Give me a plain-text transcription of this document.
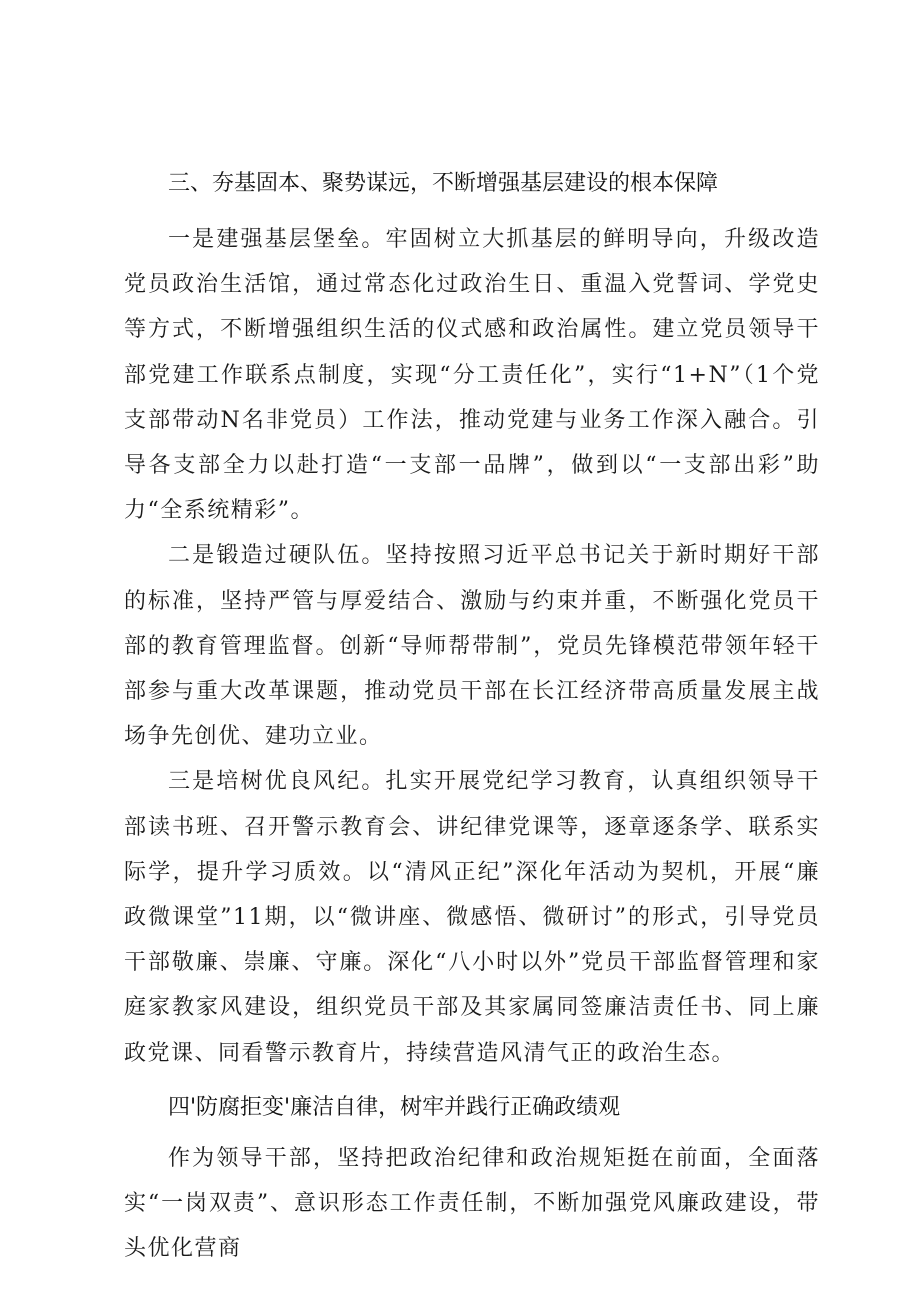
三、夯基固本、聚势谋远，不断增强基层建设的根本保障

一是建强基层堡垒。牢固树立大抓基层的鲜明导向，升级改造党员政治生活馆，通过常态化过政治生日、重温入党誓词、学党史等方式，不断增强组织生活的仪式感和政治属性。建立党员领导干部党建工作联系点制度，实现“分工责任化”，实行“1+N”（1个党支部带动N名非党员）工作法，推动党建与业务工作深入融合。引导各支部全力以赴打造“一支部一品牌”，做到以“一支部出彩”助力“全系统精彩”。

二是锻造过硬队伍。坚持按照习近平总书记关于新时期好干部的标准，坚持严管与厚爱结合、激励与约束并重，不断强化党员干部的教育管理监督。创新“导师帮带制”，党员先锋模范带领年轻干部参与重大改革课题，推动党员干部在长江经济带高质量发展主战场争先创优、建功立业。

三是培树优良风纪。扎实开展党纪学习教育，认真组织领导干部读书班、召开警示教育会、讲纪律党课等，逐章逐条学、联系实际学，提升学习质效。以“清风正纪”深化年活动为契机，开展“廉政微课堂”11期，以“微讲座、微感悟、微研讨”的形式，引导党员干部敬廉、崇廉、守廉。深化“八小时以外”党员干部监督管理和家庭家教家风建设，组织党员干部及其家属同签廉洁责任书、同上廉政党课、同看警示教育片，持续营造风清气正的政治生态。

四'防腐拒变'廉洁自律，树牢并践行正确政绩观

作为领导干部，坚持把政治纪律和政治规矩挺在前面，全面落实“一岗双责”、意识形态工作责任制，不断加强党风廉政建设，带头优化营商
